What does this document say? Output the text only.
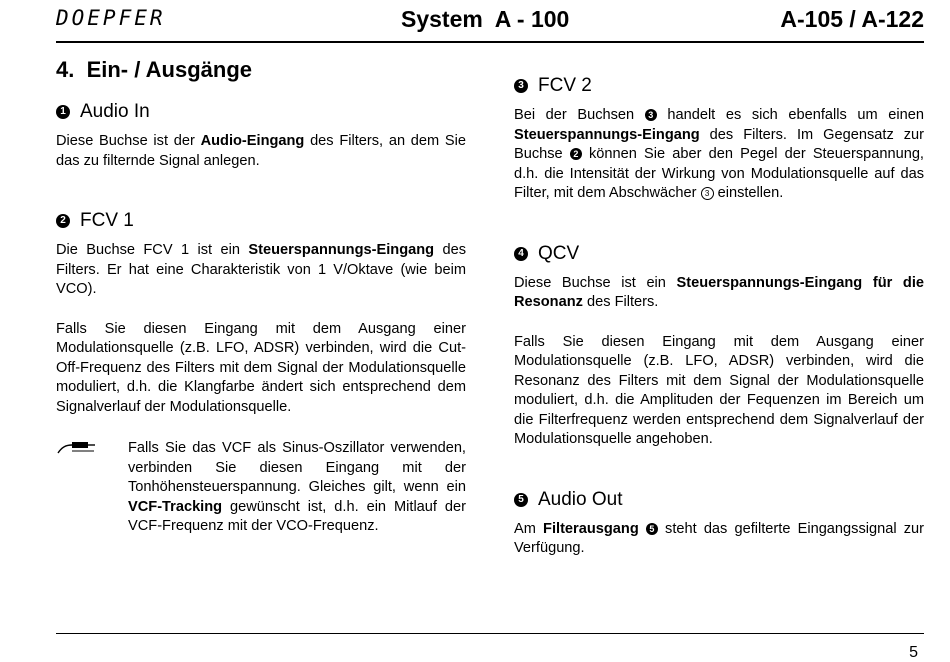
DOEPFER	System  A - 100	A-105 / A-122
4.  Ein- / Ausgänge
1 Audio In

Diese Buchse ist der Audio-Eingang des Filters, an dem Sie das zu filternde Signal anlegen.

2 FCV 1

Die Buchse FCV 1 ist ein Steuerspannungs-Eingang des Filters. Er hat eine Charakteristik von 1 V/Oktave (wie beim VCO).

Falls Sie diesen Eingang mit dem Ausgang einer Modulationsquelle (z.B. LFO, ADSR) verbinden, wird die Cut-Off-Frequenz des Filters mit dem Signal der Modulationsquelle moduliert, d.h. die Klangfarbe ändert sich entsprechend dem Signalverlauf der Modulationsquelle.

Falls Sie das VCF als Sinus-Oszillator verwenden, verbinden Sie diesen Eingang mit der Tonhöhensteuerspannung. Gleiches gilt, wenn ein VCF-Tracking gewünscht ist, d.h. ein Mitlauf der VCF-Frequenz mit der VCO-Frequenz.

3 FCV 2

Bei der Buchsen 3 handelt es sich ebenfalls um einen Steuerspannungs-Eingang des Filters. Im Gegensatz zur Buchse 2 können Sie aber den Pegel der Steuerspannung, d.h. die Intensität der Wirkung von Modulationsquelle auf das Filter, mit dem Abschwächer 3 einstellen.

4 QCV

Diese Buchse ist ein Steuerspannungs-Eingang für die Resonanz des Filters.

Falls Sie diesen Eingang mit dem Ausgang einer Modulationsquelle (z.B. LFO, ADSR) verbinden, wird die Resonanz des Filters mit dem Signal der Modulationsquelle moduliert, d.h. die Amplituden der Fequenzen im Bereich um die Filterfrequenz werden entsprechend dem Signalverlauf der Modulationsquelle angehoben.

5 Audio Out

Am Filterausgang 5 steht das gefilterte Eingangssignal zur Verfügung.

5
